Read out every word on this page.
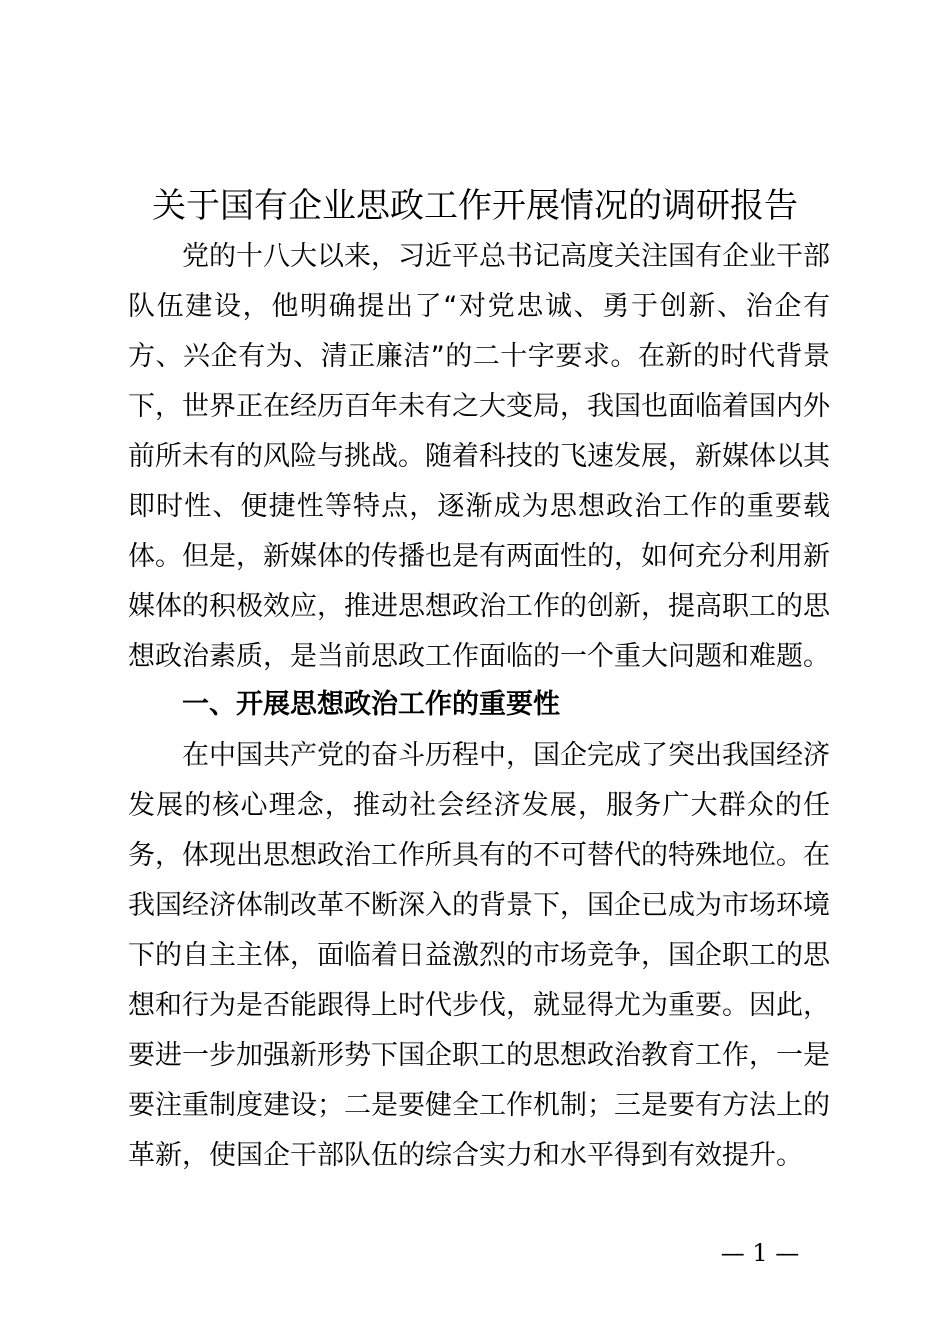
关于国有企业思政工作开展情况的调研报告

党的十八大以来，习近平总书记高度关注国有企业干部队伍建设，他明确提出了“对党忠诚、勇于创新、治企有方、兴企有为、清正廉洁”的二十字要求。在新的时代背景下，世界正在经历百年未有之大变局，我国也面临着国内外前所未有的风险与挑战。随着科技的飞速发展，新媒体以其即时性、便捷性等特点，逐渐成为思想政治工作的重要载体。但是，新媒体的传播也是有两面性的，如何充分利用新媒体的积极效应，推进思想政治工作的创新，提高职工的思想政治素质，是当前思政工作面临的一个重大问题和难题。

一、开展思想政治工作的重要性

在中国共产党的奋斗历程中，国企完成了突出我国经济发展的核心理念，推动社会经济发展，服务广大群众的任务，体现出思想政治工作所具有的不可替代的特殊地位。在我国经济体制改革不断深入的背景下，国企已成为市场环境下的自主主体，面临着日益激烈的市场竞争，国企职工的思想和行为是否能跟得上时代步伐，就显得尤为重要。因此，要进一步加强新形势下国企职工的思想政治教育工作，一是要注重制度建设；二是要健全工作机制；三是要有方法上的革新，使国企干部队伍的综合实力和水平得到有效提升。

— 1 —
